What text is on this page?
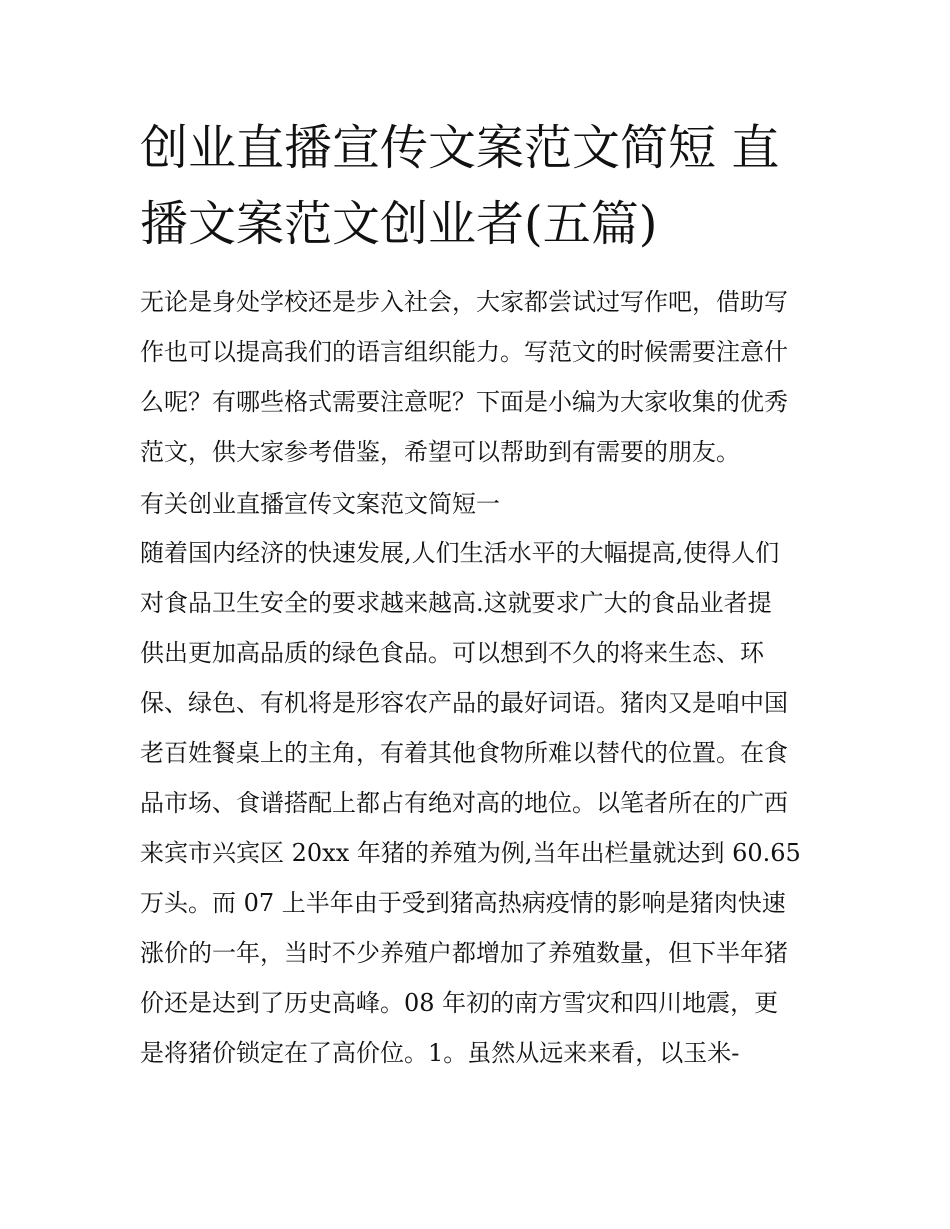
创业直播宣传文案范文简短 直播文案范文创业者(五篇)

无论是身处学校还是步入社会，大家都尝试过写作吧，借助写

作也可以提高我们的语言组织能力。写范文的时候需要注意什

么呢？有哪些格式需要注意呢？下面是小编为大家收集的优秀

范文，供大家参考借鉴，希望可以帮助到有需要的朋友。

有关创业直播宣传文案范文简短一

随着国内经济的快速发展,人们生活水平的大幅提高,使得人们

对食品卫生安全的要求越来越高.这就要求广大的食品业者提

供出更加高品质的绿色食品。可以想到不久的将来生态、环

保、绿色、有机将是形容农产品的最好词语。猪肉又是咱中国

老百姓餐桌上的主角，有着其他食物所难以替代的位置。在食

品市场、食谱搭配上都占有绝对高的地位。以笔者所在的广西

来宾市兴宾区 20xx 年猪的养殖为例,当年出栏量就达到 60.65

万头。而 07 上半年由于受到猪高热病疫情的影响是猪肉快速

涨价的一年，当时不少养殖户都增加了养殖数量，但下半年猪

价还是达到了历史高峰。08 年初的南方雪灾和四川地震，更

是将猪价锁定在了高价位。1。虽然从远来来看，以玉米-
